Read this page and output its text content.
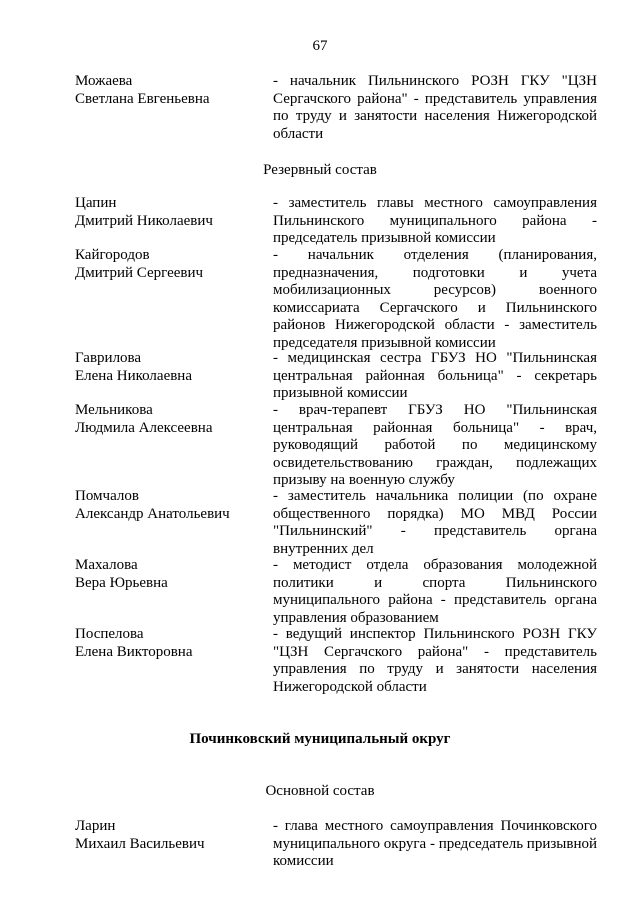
67
Можаева
Светлана Евгеньевна
- начальник Пильнинского РОЗН ГКУ "ЦЗН Сергачского района" - представитель управления по труду и занятости населения Нижегородской области
Резервный состав
Цапин
Дмитрий Николаевич
- заместитель главы местного самоуправления Пильнинского муниципального района - председатель призывной комиссии
Кайгородов
Дмитрий Сергеевич
- начальник отделения (планирования, предназначения, подготовки и учета мобилизационных ресурсов) военного комиссариата Сергачского и Пильнинского районов Нижегородской области - заместитель председателя призывной комиссии
Гаврилова
Елена Николаевна
- медицинская сестра ГБУЗ НО "Пильнинская центральная районная больница" - секретарь призывной комиссии
Мельникова
Людмила Алексеевна
- врач-терапевт ГБУЗ НО "Пильнинская центральная районная больница" - врач, руководящий работой по медицинскому освидетельствованию граждан, подлежащих призыву на военную службу
Помчалов
Александр Анатольевич
- заместитель начальника полиции (по охране общественного порядка) МО МВД России "Пильнинский" - представитель органа внутренних дел
Махалова
Вера Юрьевна
- методист отдела образования молодежной политики и спорта Пильнинского муниципального района - представитель органа управления образованием
Поспелова
Елена Викторовна
- ведущий инспектор Пильнинского РОЗН ГКУ "ЦЗН Сергачского района" - представитель управления по труду и занятости населения Нижегородской области
Починковский муниципальный округ
Основной состав
Ларин
Михаил Васильевич
- глава местного самоуправления Починковского муниципального округа - председатель призывной комиссии
